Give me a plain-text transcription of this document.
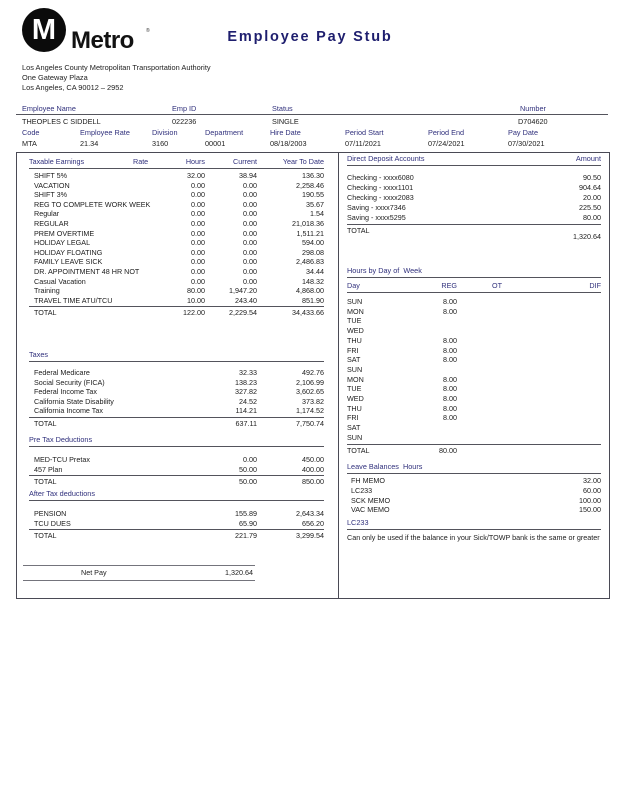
M Metro ®	Employee Pay Stub
Los Angeles County Metropolitan Transportation Authority
One Gateway Plaza
Los Angeles, CA 90012 – 2952
Employee Name	Emp ID	Status	Number
THEOPLES C SIDDELL	022236	SINGLE	D704620
Code	Employee Rate	Division	Department	Hire Date	Period Start	Period End	Pay Date
MTA	21.34	3160	00001	08/18/2003	07/11/2021	07/24/2021	07/30/2021
Taxable Earnings	Rate	Hours	Current	Year To Date
SHIFT 5%	32.00	38.94	136.30
VACATION	0.00	0.00	2,258.46
SHIFT 3%	0.00	0.00	190.55
REG TO COMPLETE WORK WEEK	0.00	0.00	35.67
Regular	0.00	0.00	1.54
REGULAR	0.00	0.00	21,018.36
PREM OVERTIME	0.00	0.00	1,511.21
HOLIDAY LEGAL	0.00	0.00	594.00
HOLIDAY FLOATING	0.00	0.00	298.08
FAMILY LEAVE SICK	0.00	0.00	2,486.83
DR. APPOINTMENT 48 HR NOT	0.00	0.00	34.44
Casual Vacation	0.00	0.00	148.32
Training	80.00	1,947.20	4,868.00
TRAVEL TIME ATU/TCU	10.00	243.40	851.90
TOTAL	122.00	2,229.54	34,433.66
Taxes
Federal Medicare	32.33	492.76
Social Security (FICA)	138.23	2,106.99
Federal Income Tax	327.82	3,602.65
California State Disability	24.52	373.82
California Income Tax	114.21	1,174.52
TOTAL	637.11	7,750.74
Pre Tax Deductions
MED-TCU Pretax	0.00	450.00
457 Plan	50.00	400.00
TOTAL	50.00	850.00
After Tax deductions
PENSION	155.89	2,643.34
TCU DUES	65.90	656.20
TOTAL	221.79	3,299.54
Net Pay	1,320.64
Direct Deposit Accounts	Amount
Checking - xxxx6080	90.50
Checking - xxxx1101	904.64
Checking - xxxx2083	20.00
Saving - xxxx7346	225.50
Saving - xxxx5295	80.00
TOTAL
1,320.64
Hours by Day of  Week
Day	REG	OT	DIF
SUN	8.00
MON	8.00
TUE
WED
THU	8.00
FRI	8.00
SAT	8.00
SUN
MON	8.00
TUE	8.00
WED	8.00
THU	8.00
FRI	8.00
SAT
SUN
TOTAL	80.00
Leave Balances  Hours
FH MEMO	32.00
LC233	60.00
SCK MEMO	100.00
VAC MEMO	150.00
LC233
Can only be used if the balance in your Sick/TOWP bank is the same or greater
